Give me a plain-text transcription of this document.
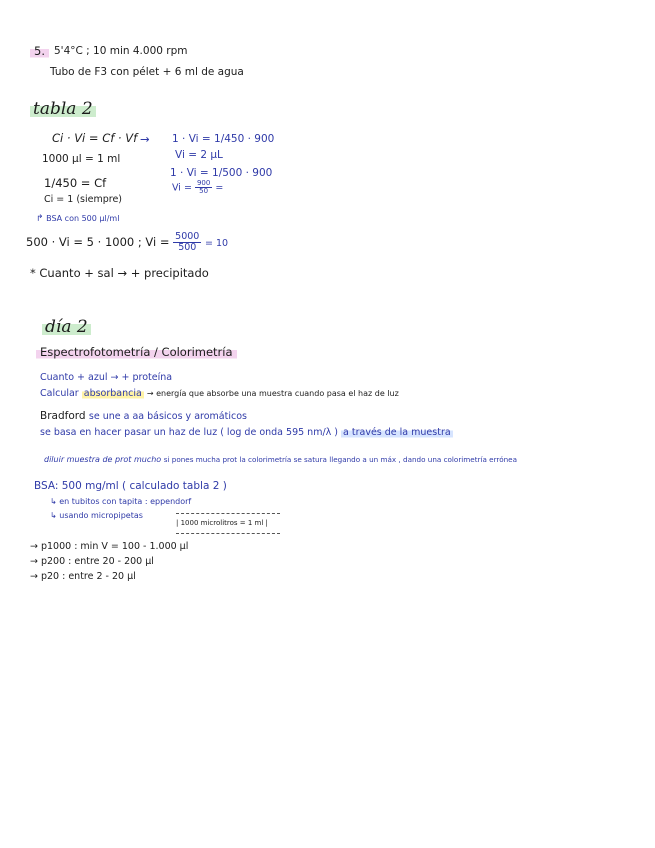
5. 5'4°C ; 10 min 4.000 rpm
Tubo de F3 con pélet + 6 ml de agua
tabla 2
Ci · Vi = Cf · Vf → 1 · Vi = 1/450 · 900
Vi = 2 µL
1000 µl = 1 ml
1/450 = Cf
Ci = 1 (siempre)
1 · Vi = 1/500 · 900
$Vi = \frac{900}{50}$ =
↱ BSA con 500 µl/ml
500 · Vi = 5 · 1000 ; $Vi = \frac{5000}{500} = 10$
* Cuanto + sal → + precipitado
día 2
Espectrofotometría / Colorimetría
Cuanto + azul → + proteína
Calcular absorbancia → energía que absorbe una muestra cuando pasa el haz de luz
Bradford se une a aa básicos y aromáticos
se basa en hacer pasar un haz de luz ( log de onda 595 nm/λ ) a través de la muestra
diluir muestra de prot mucho si pones mucha prot la colorimetría se satura llegando a un máx , dando una colorimetría errónea
BSA: 500 mg/ml ( calculado tabla 2 )
↳ en tubitos con tapita : eppendorf
↳ usando micropipetas
| 1000 microlitros = 1 ml |
→ p1000 : min V = 100 - 1.000 µl
→ p200 : entre 20 - 200 µl
→ p20 : entre 2 - 20 µl
